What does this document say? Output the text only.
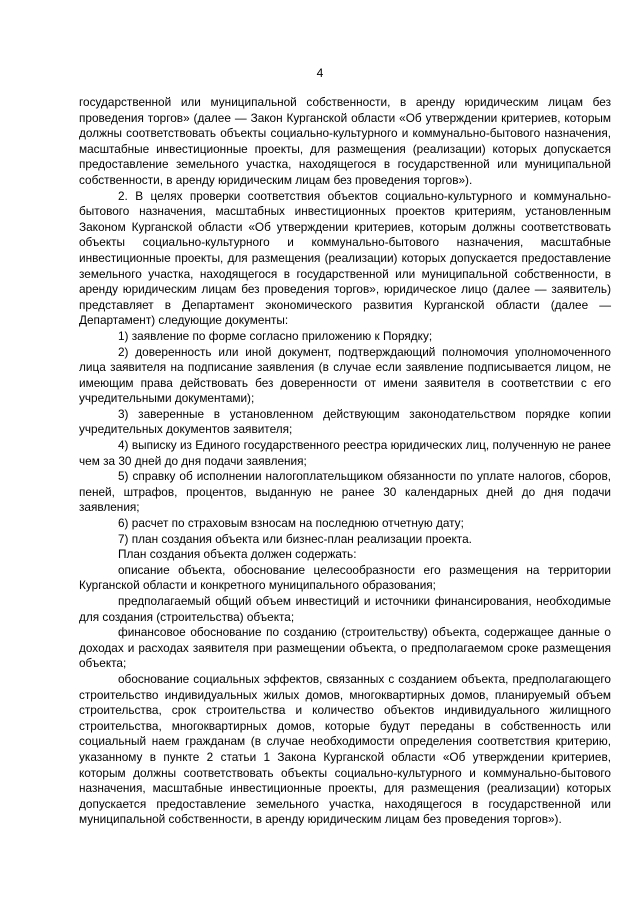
4

государственной или муниципальной собственности, в аренду юридическим лицам без проведения торгов» (далее — Закон Курганской области «Об утверждении критериев, которым должны соответствовать объекты социально-культурного и коммунально-бытового назначения, масштабные инвестиционные проекты, для размещения (реализации) которых допускается предоставление земельного участка, находящегося в государственной или муниципальной собственности, в аренду юридическим лицам без проведения торгов»).

2. В целях проверки соответствия объектов социально-культурного и коммунально-бытового назначения, масштабных инвестиционных проектов критериям, установленным Законом Курганской области «Об утверждении критериев, которым должны соответствовать объекты социально-культурного и коммунально-бытового назначения, масштабные инвестиционные проекты, для размещения (реализации) которых допускается предоставление земельного участка, находящегося в государственной или муниципальной собственности, в аренду юридическим лицам без проведения торгов», юридическое лицо (далее — заявитель) представляет в Департамент экономического развития Курганской области (далее — Департамент) следующие документы:

1) заявление по форме согласно приложению к Порядку;

2) доверенность или иной документ, подтверждающий полномочия уполномоченного лица заявителя на подписание заявления (в случае если заявление подписывается лицом, не имеющим права действовать без доверенности от имени заявителя в соответствии с его учредительными документами);

3) заверенные в установленном действующим законодательством порядке копии учредительных документов заявителя;

4) выписку из Единого государственного реестра юридических лиц, полученную не ранее чем за 30 дней до дня подачи заявления;

5) справку об исполнении налогоплательщиком обязанности по уплате налогов, сборов, пеней, штрафов, процентов, выданную не ранее 30 календарных дней до дня подачи заявления;

6) расчет по страховым взносам на последнюю отчетную дату;

7) план создания объекта или бизнес-план реализации проекта.

План создания объекта должен содержать:

описание объекта, обоснование целесообразности его размещения на территории Курганской области и конкретного муниципального образования;

предполагаемый общий объем инвестиций и источники финансирования, необходимые для создания (строительства) объекта;

финансовое обоснование по созданию (строительству) объекта, содержащее данные о доходах и расходах заявителя при размещении объекта, о предполагаемом сроке размещения объекта;

обоснование социальных эффектов, связанных с созданием объекта, предполагающего строительство индивидуальных жилых домов, многоквартирных домов, планируемый объем строительства, срок строительства и количество объектов индивидуального жилищного строительства, многоквартирных домов, которые будут переданы в собственность или социальный наем гражданам (в случае необходимости определения соответствия критерию, указанному в пункте 2 статьи 1 Закона Курганской области «Об утверждении критериев, которым должны соответствовать объекты социально-культурного и коммунально-бытового назначения, масштабные инвестиционные проекты, для размещения (реализации) которых допускается предоставление земельного участка, находящегося в государственной или муниципальной собственности, в аренду юридическим лицам без проведения торгов»).
